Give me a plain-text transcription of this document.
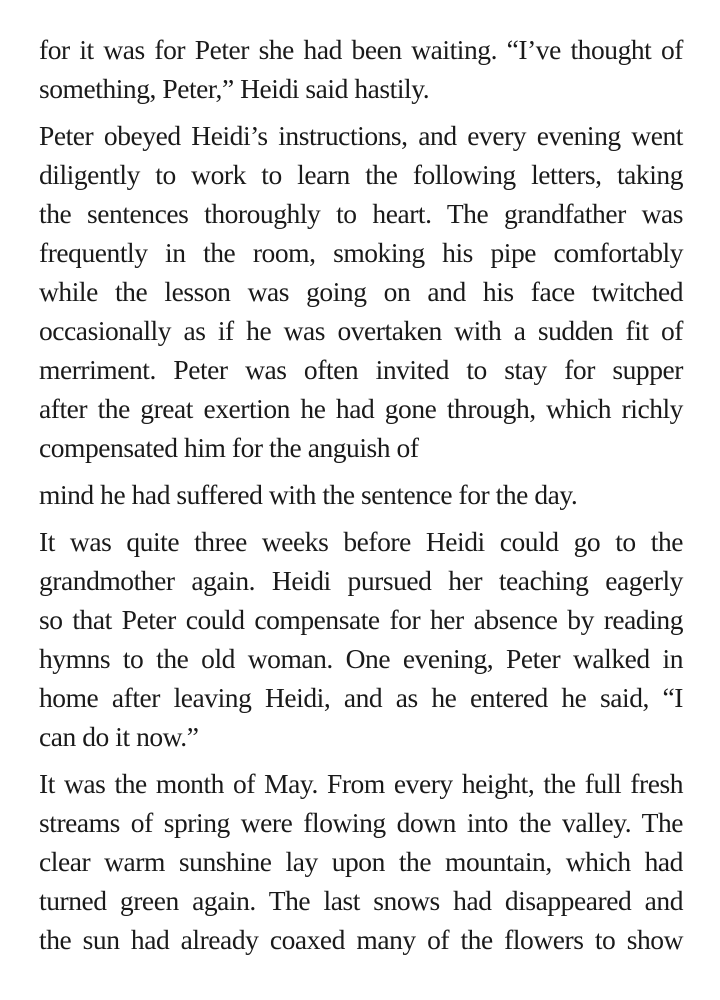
for it was for Peter she had been waiting. “I’ve thought of
something, Peter,” Heidi said hastily.

Peter obeyed Heidi’s instructions, and every evening went
diligently to work to learn the following letters, taking
the sentences thoroughly to heart. The grandfather was
frequently in the room, smoking his pipe comfortably
while the lesson was going on and his face twitched
occasionally as if he was overtaken with a sudden fit of
merriment. Peter was often invited to stay for supper
after the great exertion he had gone through, which richly
compensated him for the anguish of

mind he had suffered with the sentence for the day.

It was quite three weeks before Heidi could go to the
grandmother again. Heidi pursued her teaching eagerly
so that Peter could compensate for her absence by reading
hymns to the old woman. One evening, Peter walked in
home after leaving Heidi, and as he entered he said, “I
can do it now.”

It was the month of May. From every height, the full fresh
streams of spring were flowing down into the valley. The
clear warm sunshine lay upon the mountain, which had
turned green again. The last snows had disappeared and
the sun had already coaxed many of the flowers to show
